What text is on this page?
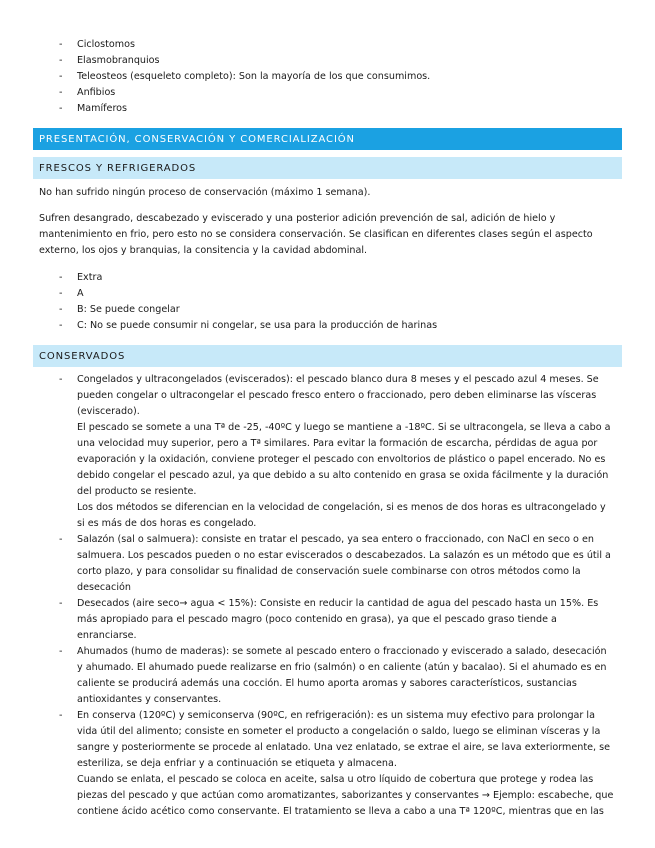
- Ciclostomos
- Elasmobranquios
- Teleosteos (esqueleto completo): Son la mayoría de los que consumimos.
- Anfibios
- Mamíferos
PRESENTACIÓN, CONSERVACIÓN Y COMERCIALIZACIÓN
FRESCOS Y REFRIGERADOS

No han sufrido ningún proceso de conservación (máximo 1 semana).

Sufren desangrado, descabezado y eviscerado y una posterior adición prevención de sal, adición de hielo y mantenimiento en frio, pero esto no se considera conservación. Se clasifican en diferentes clases según el aspecto externo, los ojos y branquias, la consitencia y la cavidad abdominal.

- Extra
- A
- B: Se puede congelar
- C: No se puede consumir ni congelar, se usa para la producción de harinas
CONSERVADOS

- Congelados y ultracongelados (eviscerados): el pescado blanco dura 8 meses y el pescado azul 4 meses. Se pueden congelar o ultracongelar el pescado fresco entero o fraccionado, pero deben eliminarse las vísceras (eviscerado).

El pescado se somete a una Tª de -25, -40ºC y luego se mantiene a -18ºC. Si se ultracongela, se lleva a cabo a una velocidad muy superior, pero a Tª similares. Para evitar la formación de escarcha, pérdidas de agua por evaporación y la oxidación, conviene proteger el pescado con envoltorios de plástico o papel encerado. No es debido congelar el pescado azul, ya que debido a su alto contenido en grasa se oxida fácilmente y la duración del producto se resiente.

Los dos métodos se diferencian en la velocidad de congelación, si es menos de dos horas es ultracongelado y si es más de dos horas es congelado.

- Salazón (sal o salmuera): consiste en tratar el pescado, ya sea entero o fraccionado, con NaCl en seco o en salmuera. Los pescados pueden o no estar eviscerados o descabezados. La salazón es un método que es útil a corto plazo, y para consolidar su finalidad de conservación suele combinarse con otros métodos como la desecación

- Desecados (aire seco→ agua < 15%): Consiste en reducir la cantidad de agua del pescado hasta un 15%. Es más apropiado para el pescado magro (poco contenido en grasa), ya que el pescado graso tiende a enranciarse.

- Ahumados (humo de maderas): se somete al pescado entero o fraccionado y eviscerado a salado, desecación y ahumado. El ahumado puede realizarse en frio (salmón) o en caliente (atún y bacalao). Si el ahumado es en caliente se producirá además una cocción. El humo aporta aromas y sabores característicos, sustancias antioxidantes y conservantes.

- En conserva (120ºC) y semiconserva (90ºC, en refrigeración): es un sistema muy efectivo para prolongar la vida útil del alimento; consiste en someter el producto a congelación o saldo, luego se eliminan vísceras y la sangre y posteriormente se procede al enlatado. Una vez enlatado, se extrae el aire, se lava exteriormente, se esteriliza, se deja enfriar y a continuación se etiqueta y almacena.

Cuando se enlata, el pescado se coloca en aceite, salsa u otro líquido de cobertura que protege y rodea las piezas del pescado y que actúan como aromatizantes, saborizantes y conservantes → Ejemplo: escabeche, que contiene ácido acético como conservante. El tratamiento se lleva a cabo a una Tª 120ºC, mientras que en las
